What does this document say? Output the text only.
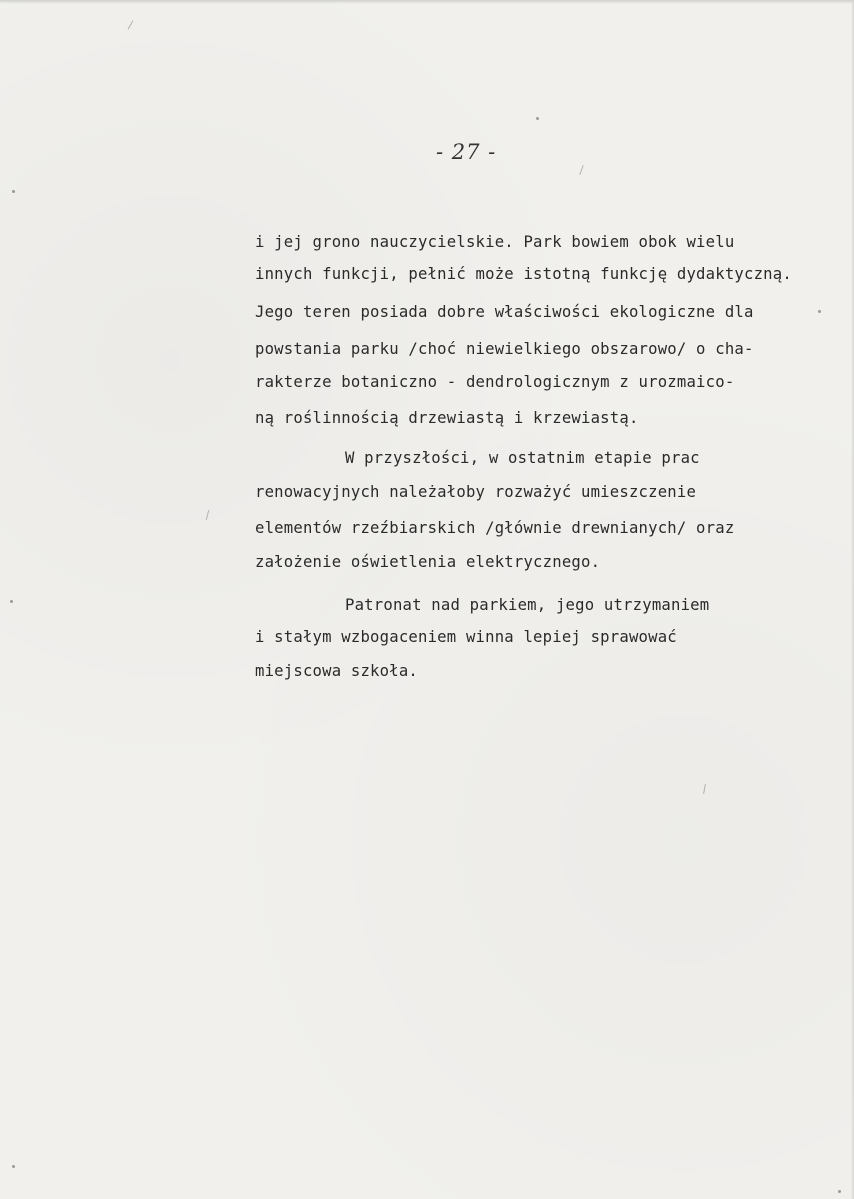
- 27 -
i jej grono nauczycielskie. Park bowiem obok wielu
innych funkcji, pełnić może istotną funkcję dydaktyczną.
Jego teren posiada dobre właściwości ekologiczne dla
powstania parku /choć niewielkiego obszarowo/ o cha-
rakterze botaniczno - dendrologicznym z urozmaico-
ną roślinnością drzewiastą i krzewiastą.
W przyszłości, w ostatnim etapie prac
renowacyjnych należałoby rozważyć umieszczenie
elementów rzeźbiarskich /głównie drewnianych/ oraz
założenie oświetlenia elektrycznego.
Patronat nad parkiem, jego utrzymaniem
i stałym wzbogaceniem winna lepiej sprawować
miejscowa szkoła.
